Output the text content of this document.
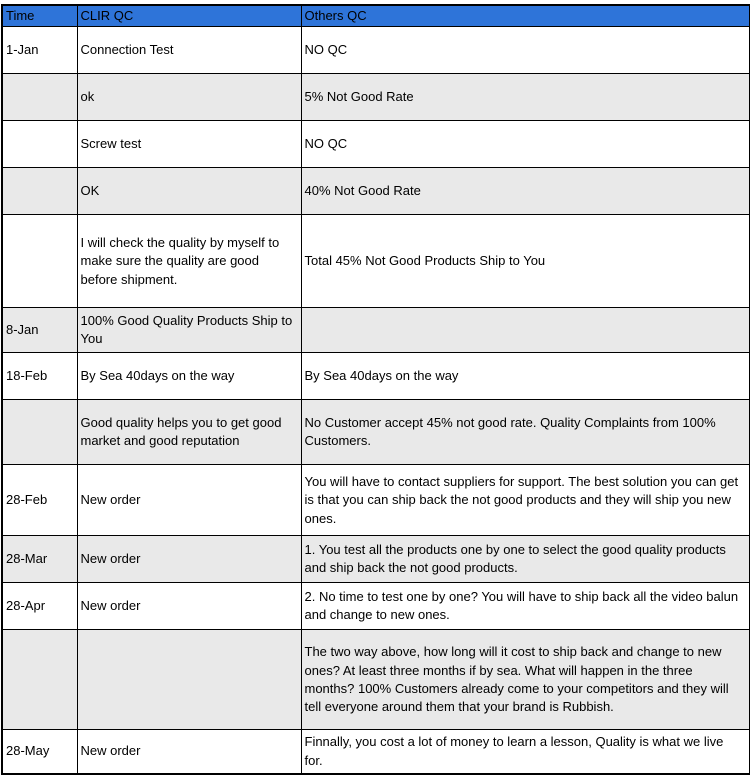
Time	CLIR QC	Others QC
1-Jan	Connection Test	NO QC
	ok	5% Not Good Rate
	Screw test	NO QC
	OK	40% Not Good Rate
	I will check the quality by myself to make sure the quality are good before shipment.	Total 45% Not Good Products Ship to You
8-Jan	100% Good Quality Products Ship to You	
18-Feb	By Sea 40days on the way	By Sea 40days on the way
	Good quality helps you to get good market and good reputation	No Customer accept 45% not good rate. Quality Complaints from 100% Customers.
28-Feb	New order	You will have to contact suppliers for support. The best solution you can get is that you can ship back the not good products and they will ship you new ones.
28-Mar	New order	1. You test all the products one by one to select the good quality products and ship back the not good products.
28-Apr	New order	2. No time to test one by one? You will have to ship back all the video balun and change to new ones.
		The two way above, how long will it cost to ship back and change to new ones? At least three months if by sea. What will happen in the three months? 100% Customers already come to your competitors and they will tell everyone around them that your brand is Rubbish.
28-May	New order	Finnally, you cost a lot of money to learn a lesson, Quality is what we live for.
